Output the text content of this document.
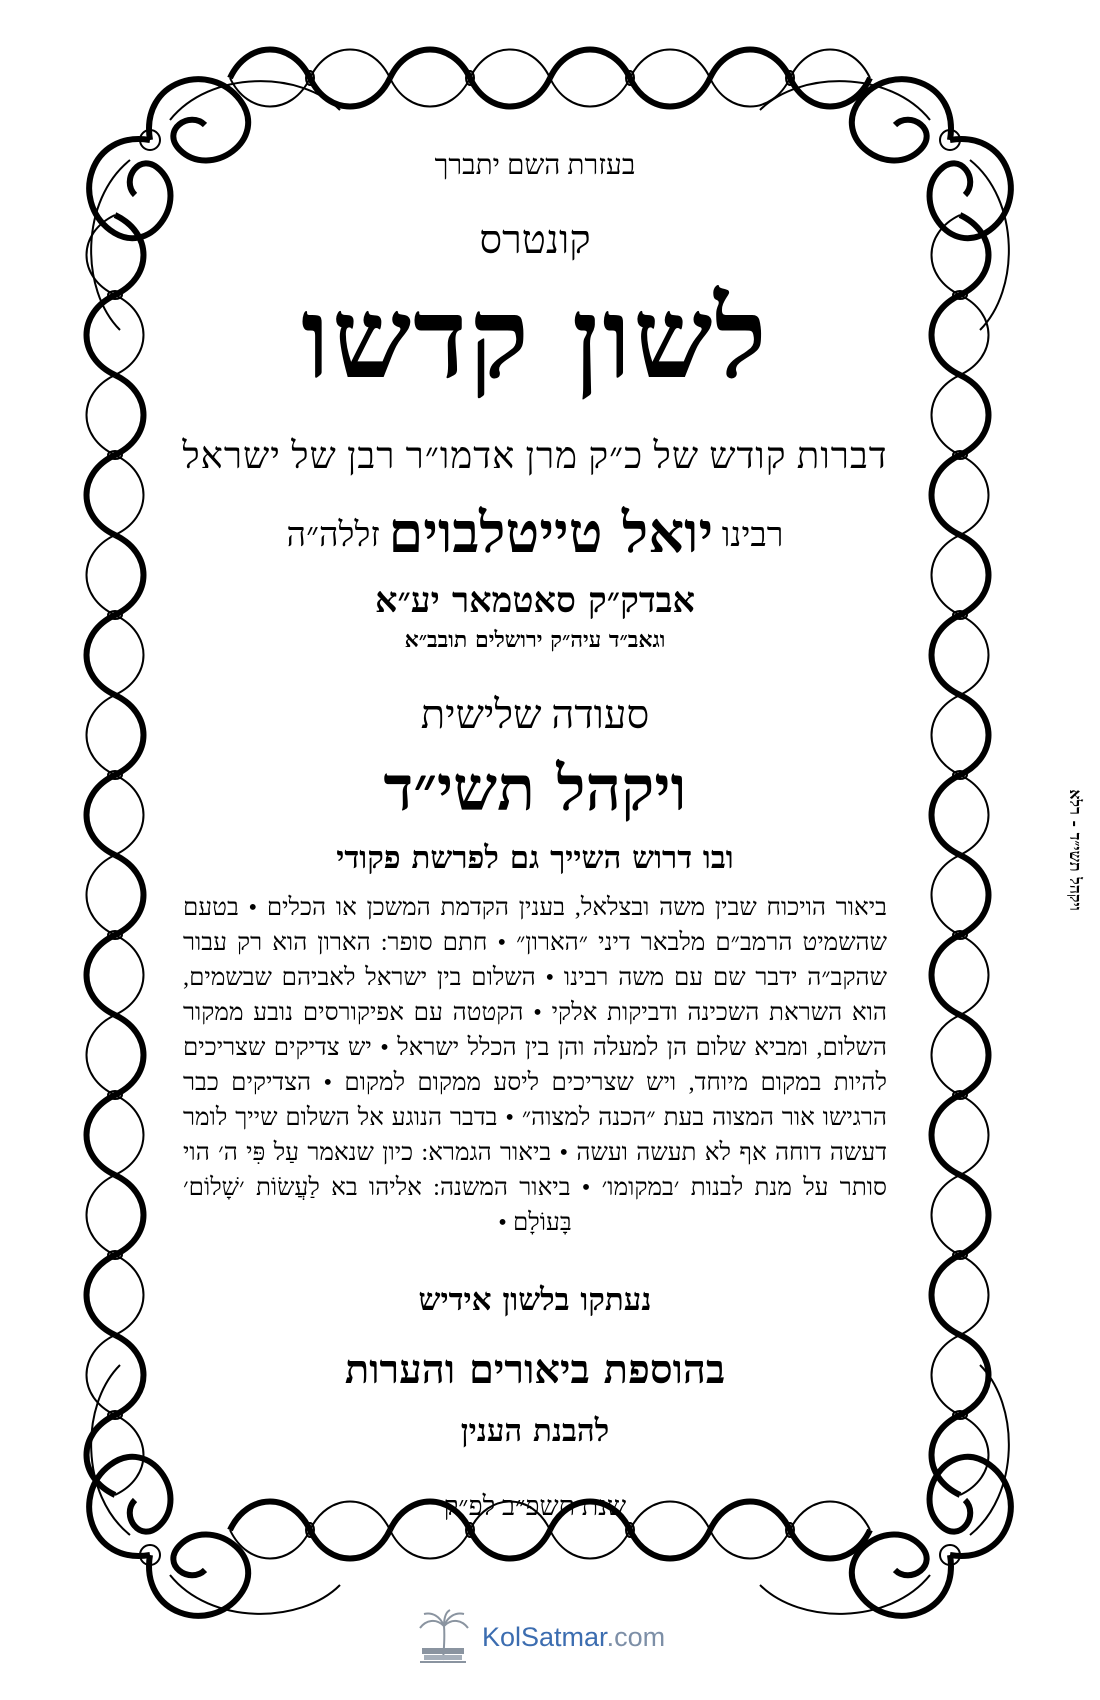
בעזרת השם יתברך
קונטרס
לשון קדשו
דברות קודש של כ״ק מרן אדמו״ר רבן של ישראל
רבינו יואל טייטלבוים זללה״ה
אבדק״ק סאטמאר יע״א
וגאב״ד עיה״ק ירושלים תובב״א
סעודה שלישית
ויקהל תשי״ד
ובו דרוש השייך גם לפרשת פקודי
ביאור הויכוח שבין משה ובצלאל, בענין הקדמת המשכן או הכלים • בטעם שהשמיט הרמב״ם מלבאר דיני ״הארון״ • חתם סופר: הארון הוא רק עבור שהקב״ה ידבר שם עם משה רבינו • השלום בין ישראל לאביהם שבשמים, הוא השראת השכינה ודביקות אלקי • הקטטה עם אפיקורסים נובע ממקור השלום, ומביא שלום הן למעלה והן בין הכלל ישראל • יש צדיקים שצריכים להיות במקום מיוחד, ויש שצריכים ליסע ממקום למקום • הצדיקים כבר הרגישו אור המצוה בעת ״הכנה למצוה״ • בדבר הנוגע אל השלום שייך לומר דעשה דוחה אף לא תעשה ועשה • ביאור הגמרא: כיון שנאמר עַל פִּי ה׳ הוי סותר על מנת לבנות ׳במקומו׳ • ביאור המשנה: אליהו בא לַעֲשׂוֹת ׳שָׁלוֹם׳ בָּעוֹלָם •
נעתקו בלשון אידיש
בהוספת ביאורים והערות
להבנת הענין
שנת תשפ״ב לפ״ק
ויקהל תשי״ד - רלא
KolSatmar.com
